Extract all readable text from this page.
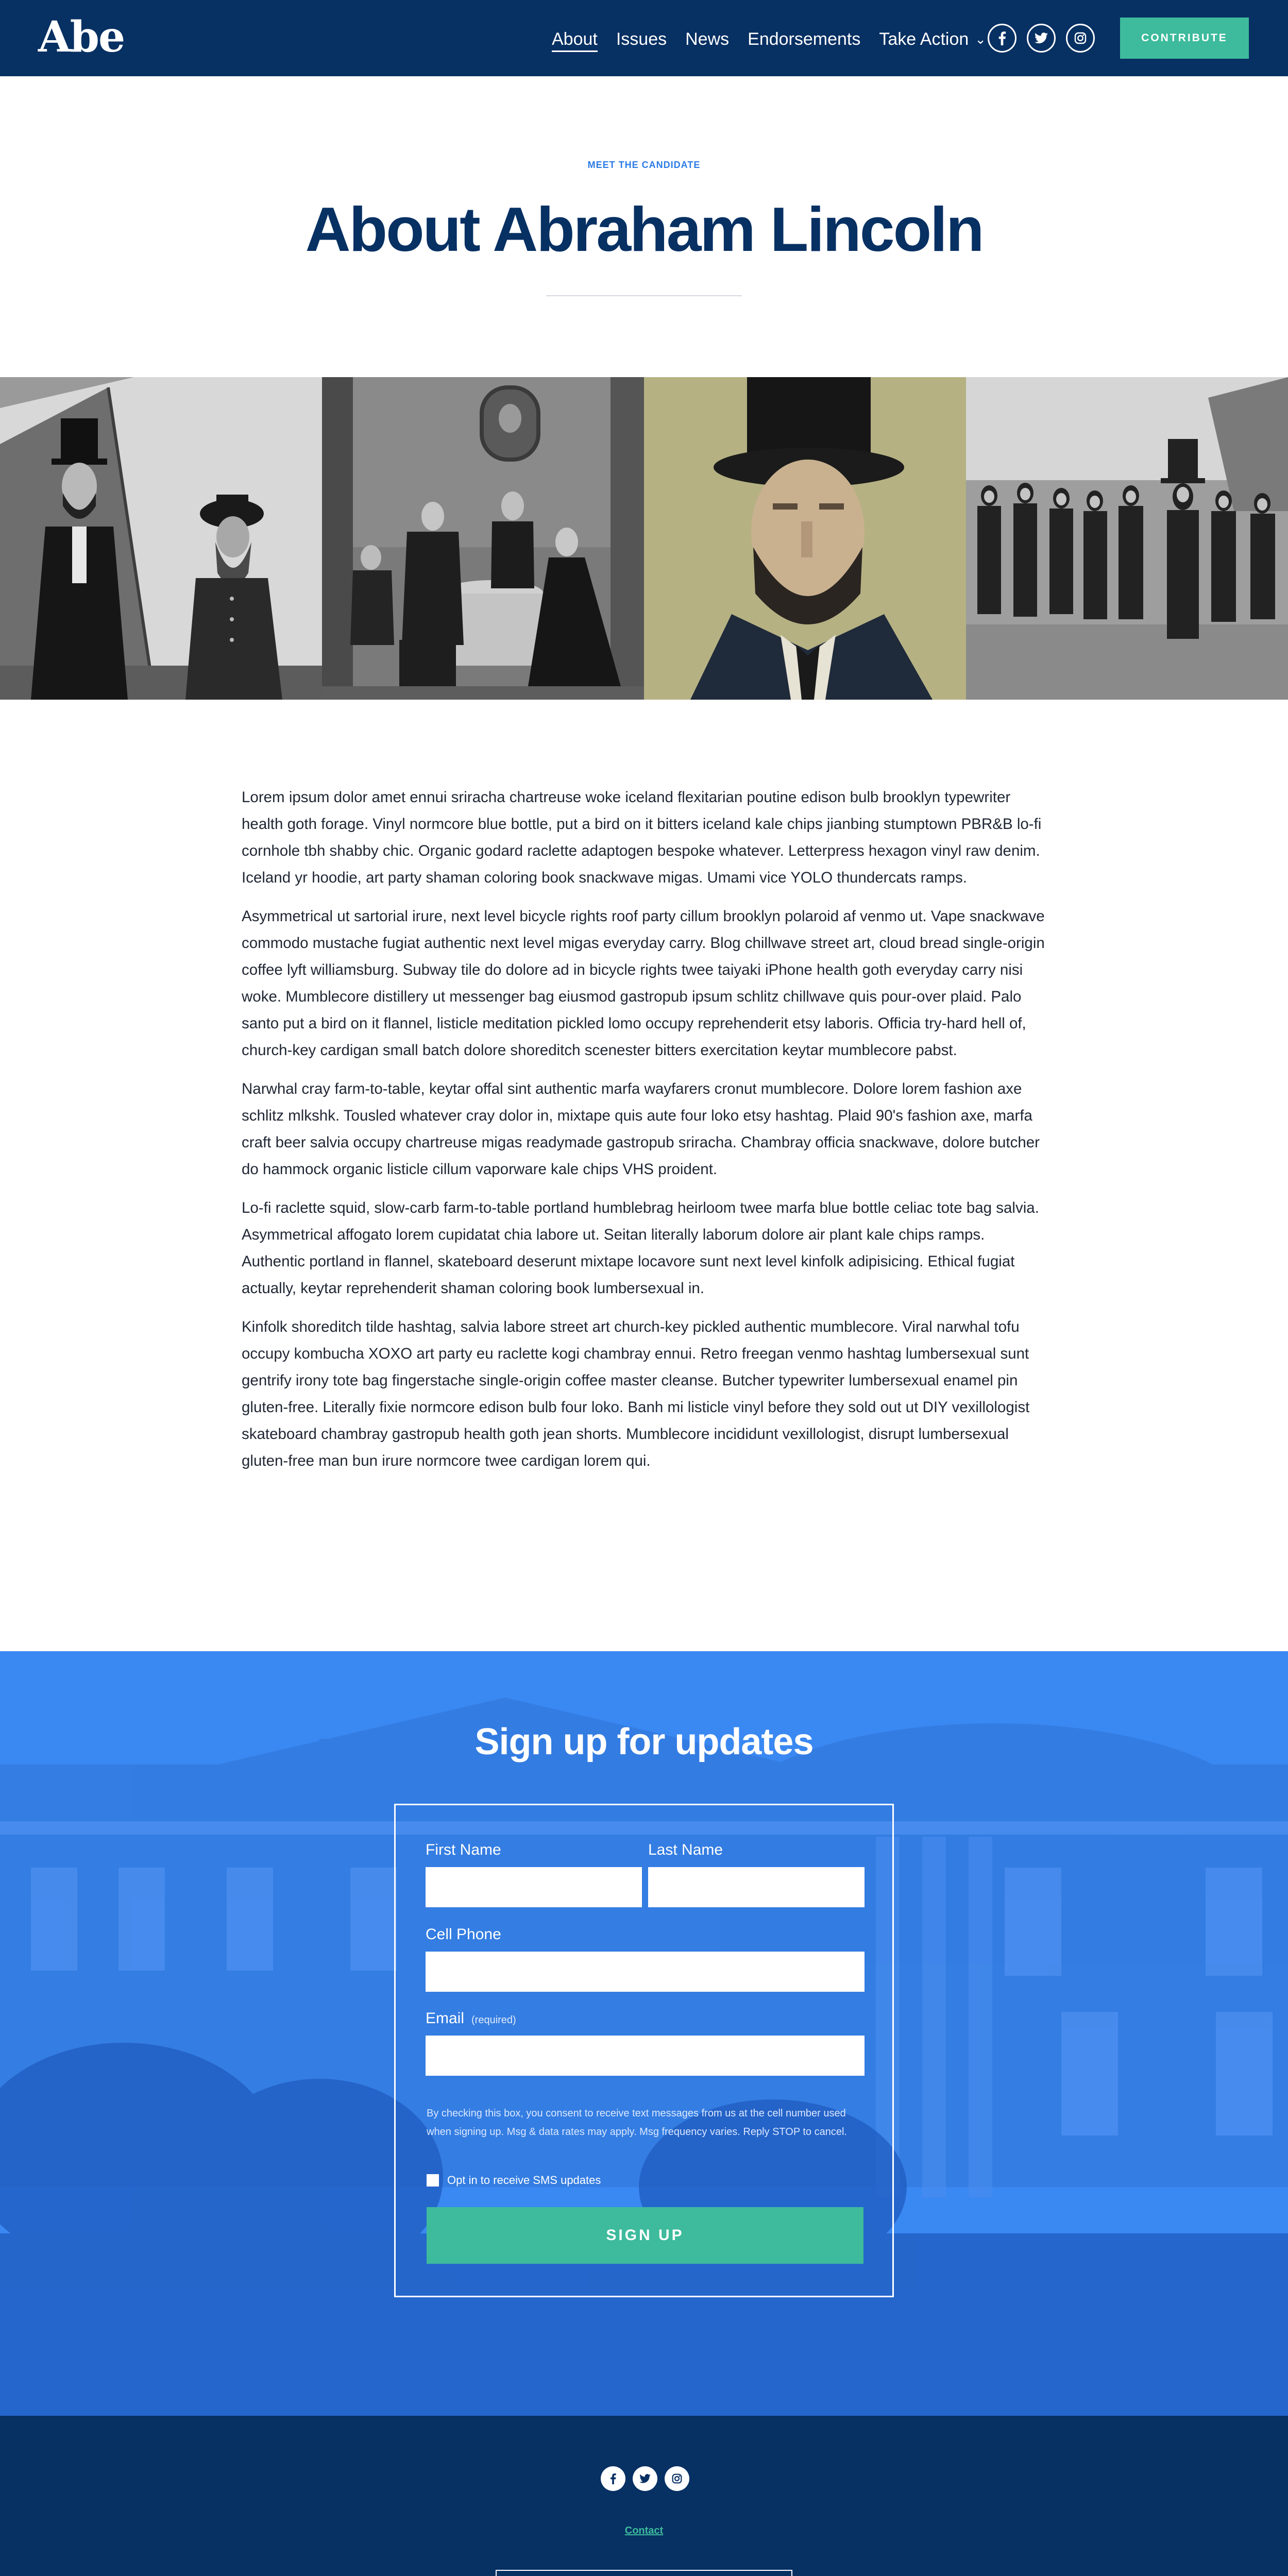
Abe	About Issues News Endorsements Take Action ⌄	CONTRIBUTE
MEET THE CANDIDATE
About Abraham Lincoln

Lorem ipsum dolor amet ennui sriracha chartreuse woke iceland flexitarian poutine edison bulb brooklyn typewriter health goth forage. Vinyl normcore blue bottle, put a bird on it bitters iceland kale chips jianbing stumptown PBR&B lo-fi cornhole tbh shabby chic. Organic godard raclette adaptogen bespoke whatever. Letterpress hexagon vinyl raw denim. Iceland yr hoodie, art party shaman coloring book snackwave migas. Umami vice YOLO thundercats ramps.

Asymmetrical ut sartorial irure, next level bicycle rights roof party cillum brooklyn polaroid af venmo ut. Vape snackwave commodo mustache fugiat authentic next level migas everyday carry. Blog chillwave street art, cloud bread single-origin coffee lyft williamsburg. Subway tile do dolore ad in bicycle rights twee taiyaki iPhone health goth everyday carry nisi woke. Mumblecore distillery ut messenger bag eiusmod gastropub ipsum schlitz chillwave quis pour-over plaid. Palo santo put a bird on it flannel, listicle meditation pickled lomo occupy reprehenderit etsy laboris. Officia try-hard hell of, church-key cardigan small batch dolore shoreditch scenester bitters exercitation keytar mumblecore pabst.

Narwhal cray farm-to-table, keytar offal sint authentic marfa wayfarers cronut mumblecore. Dolore lorem fashion axe schlitz mlkshk. Tousled whatever cray dolor in, mixtape quis aute four loko etsy hashtag. Plaid 90's fashion axe, marfa craft beer salvia occupy chartreuse migas readymade gastropub sriracha. Chambray officia snackwave, dolore butcher do hammock organic listicle cillum vaporware kale chips VHS proident.

Lo-fi raclette squid, slow-carb farm-to-table portland humblebrag heirloom twee marfa blue bottle celiac tote bag salvia. Asymmetrical affogato lorem cupidatat chia labore ut. Seitan literally laborum dolore air plant kale chips ramps. Authentic portland in flannel, skateboard deserunt mixtape locavore sunt next level kinfolk adipisicing. Ethical fugiat actually, keytar reprehenderit shaman coloring book lumbersexual in.

Kinfolk shoreditch tilde hashtag, salvia labore street art church-key pickled authentic mumblecore. Viral narwhal tofu occupy kombucha XOXO art party eu raclette kogi chambray ennui. Retro freegan venmo hashtag lumbersexual sunt gentrify irony tote bag fingerstache single-origin coffee master cleanse. Butcher typewriter lumbersexual enamel pin gluten-free. Literally fixie normcore edison bulb four loko. Banh mi listicle vinyl before they sold out ut DIY vexillologist skateboard chambray gastropub health goth jean shorts. Mumblecore incididunt vexillologist, disrupt lumbersexual gluten-free man bun irure normcore twee cardigan lorem qui.

Sign up for updates
First Name	Last Name
Cell Phone
Email (required)
By checking this box, you consent to receive text messages from us at the cell number used when signing up. Msg & data rates may apply. Msg frequency varies. Reply STOP to cancel.
Opt in to receive SMS updates
SIGN UP
Contact
